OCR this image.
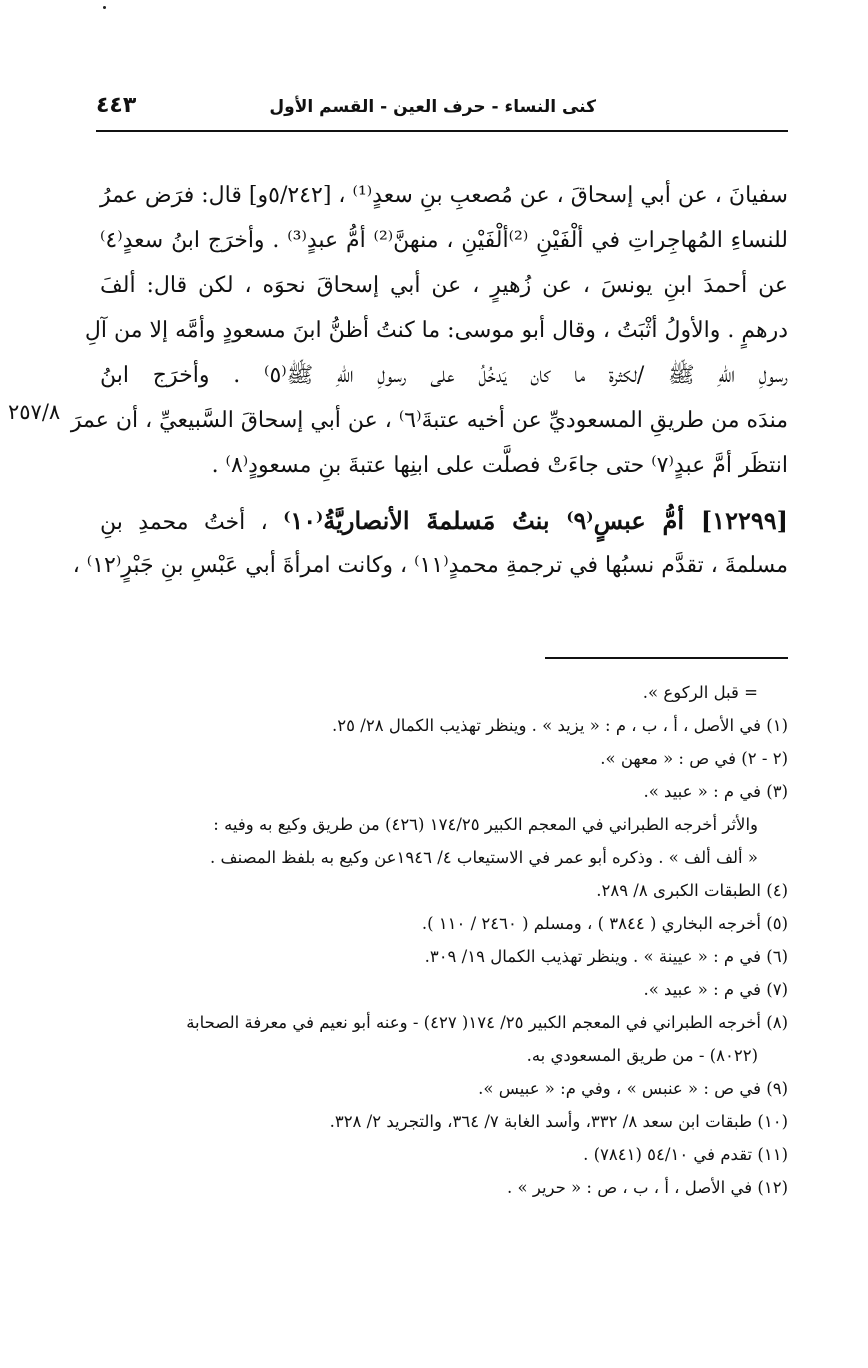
كنى النساء - حرف العين - القسم الأول
٤٤٣
٢٥٧/٨
سفيانَ ، عن أبي إسحاقَ ، عن مُصعبِ بنِ سعدٍ⁽¹⁾ ، [٥/٢٤٢و] قال: فرَض عمرُ
للنساءِ المُهاجِراتِ في ألْفَيْنِ ⁽²⁾ألْفَيْنِ ، منهنَّ⁽²⁾ أمُّ عبدٍ⁽³⁾ . وأخرَج ابنُ سعدٍ⁽٤⁾
عن أحمدَ ابنِ يونسَ ، عن زُهيرٍ ، عن أبي إسحاقَ نحوَه ، لكن قال: ألفَ
درهمٍ . والأولُ أثْبَتُ ، وقال أبو موسى: ما كنتُ أظنُّ ابنَ مسعودٍ وأمَّه إلا من آلِ
رسولِ اللهِ ﷺ /لكثرة ما كان يَدخُلُ على رسولِ اللهِ ﷺ⁽٥⁾ . وأخرَج ابنُ
مندَه من طريقِ المسعوديِّ عن أخيه عتبةَ⁽٦⁾ ، عن أبي إسحاقَ السَّبيعيِّ ، أن عمرَ
انتظَر أمَّ عبدٍ⁽٧⁾ حتى جاءَتْ فصلَّت على ابنِها عتبةَ بنِ مسعودٍ⁽٨⁾ .
[١٢٢٩٩] أمُّ عبسٍ⁽٩⁾ بنتُ مَسلمةَ الأنصاريَّةُ⁽١٠⁾ ، أختُ محمدِ بنِ
مسلمةَ ، تقدَّم نسبُها في ترجمةِ محمدٍ⁽١١⁾ ، وكانت امرأةَ أبي عَبْسِ بنِ جَبْرٍ⁽١٢⁾ ،
= قبل الركوع ».
(١) في الأصل ، أ ، ب ، م : « يزيد » . وينظر تهذيب الكمال ٢٨/ ٢٥.
(٢ - ٢) في ص : « معهن ».
(٣) في م : « عبيد ».
والأثر أخرجه الطبراني في المعجم الكبير ١٧٤/٢٥ (٤٢٦) من طريق وكيع به وفيه :
« ألف ألف » . وذكره أبو عمر في الاستيعاب ٤/ ١٩٤٦عن وكيع به بلفظ المصنف .
(٤) الطبقات الكبرى ٨/ ٢٨٩.
(٥) أخرجه البخاري ( ٣٨٤٤ ) ، ومسلم ( ٢٤٦٠ / ١١٠ ).
(٦) في م : « عيينة » . وينظر تهذيب الكمال ١٩/ ٣٠٩.
(٧) في م : « عبيد ».
(٨) أخرجه الطبراني في المعجم الكبير ٢٥/ ١٧٤( ٤٢٧) - وعنه أبو نعيم في معرفة الصحابة
(٨٠٢٢) - من طريق المسعودي به.
(٩) في ص : « عنبس » ، وفي م: « عبيس ».
(١٠) طبقات ابن سعد ٨/ ٣٣٢، وأسد الغابة ٧/ ٣٦٤، والتجريد ٢/ ٣٢٨.
(١١) تقدم في ٥٤/١٠ (٧٨٤١) .
(١٢) في الأصل ، أ ، ب ، ص : « حرير » .
